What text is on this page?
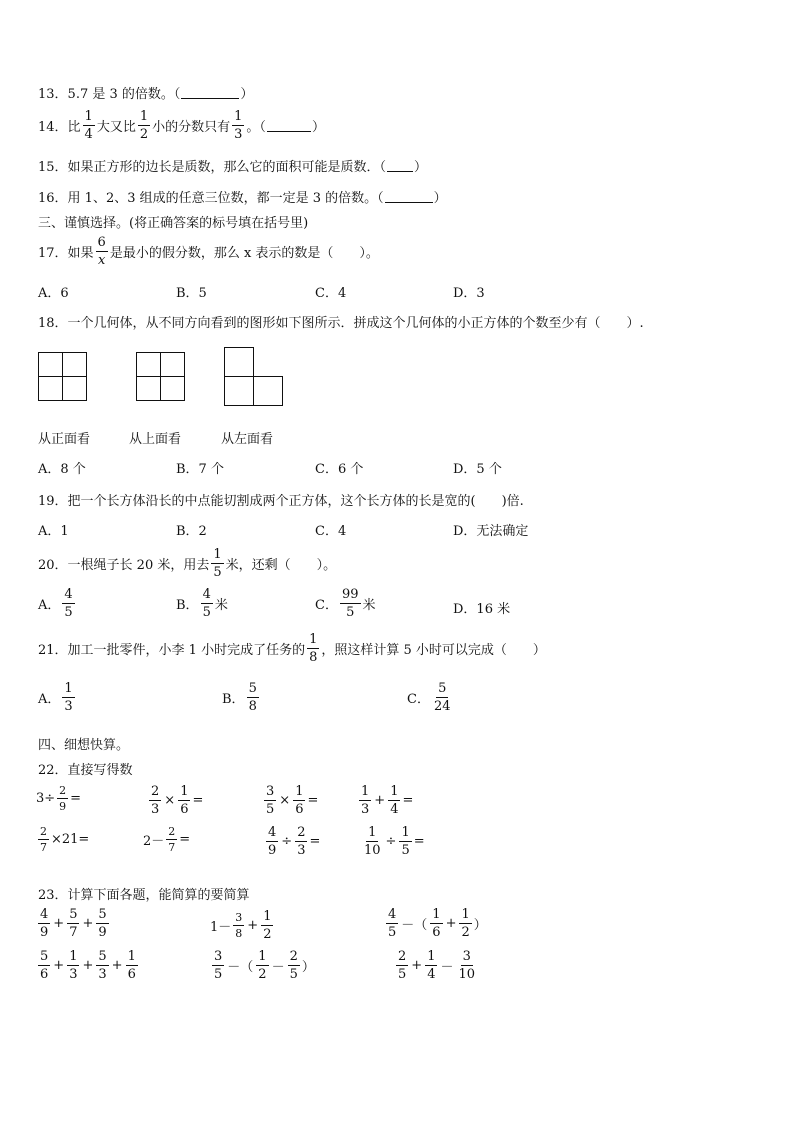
13．5.7 是 3 的倍数。（	）
14．比 $\frac{1}{4}$ 大又比 $\frac{1}{2}$ 小的分数只有 $\frac{1}{3}$ 。（	）
15．如果正方形的边长是质数，那么它的面积可能是质数．（ ）
16．用 1、2、3 组成的任意三位数，都一定是 3 的倍数。（	）
三、谨慎选择。(将正确答案的标号填在括号里)
17．如果 $\frac{6}{x}$ 是最小的假分数，那么 x 表示的数是（　　）。
A．6	B．5	C．4	D．3
18．一个几何体，从不同方向看到的图形如下图所示．拼成这个几何体的小正方体的个数至少有（　　）.
从正面看	从上面看	从左面看
A．8 个	B．7 个	C．6 个	D．5 个
19．把一个长方体沿长的中点能切割成两个正方体，这个长方体的长是宽的(　　)倍.
A．1	B．2	C．4	D．无法确定
20．一根绳子长 20 米，用去 $\frac{1}{5}$ 米，还剩（　　）。
A． $\frac{4}{5}$	B． $\frac{4}{5}$ 米	C． $\frac{99}{5}$ 米	D．16 米
21．加工一批零件，小李 1 小时完成了任务的 $\frac{1}{8}$ ，照这样计算 5 小时可以完成（　　）
A． $\frac{1}{3}$	B． $\frac{5}{8}$	C． $\frac{5}{24}$
四、细想快算。
22．直接写得数
$3\div \frac{2}{9}$ =	$\frac{2}{3} \times \frac{1}{6}$ =	$\frac{3}{5} \times \frac{1}{6}$ =	$\frac{1}{3} + \frac{1}{4}$ =
$\frac{2}{7} \times 21=$	$2- \frac{2}{7}$ =	$\frac{4}{9} \div \frac{2}{3}$ =	$\frac{1}{10} \div \frac{1}{5}$ =
23．计算下面各题，能简算的要简算
$\frac{4}{9} + \frac{5}{7} + \frac{5}{9}$	$1- \frac{3}{8} + \frac{1}{2}$	$\frac{4}{5}$ －（ $\frac{1}{6} + \frac{1}{2}$ ）
$\frac{5}{6} + \frac{1}{3} + \frac{5}{3} + \frac{1}{6}$	$\frac{3}{5}$ －（ $\frac{1}{2} - \frac{2}{5}$ ）	$\frac{2}{5} + \frac{1}{4} - \frac{3}{10}$
